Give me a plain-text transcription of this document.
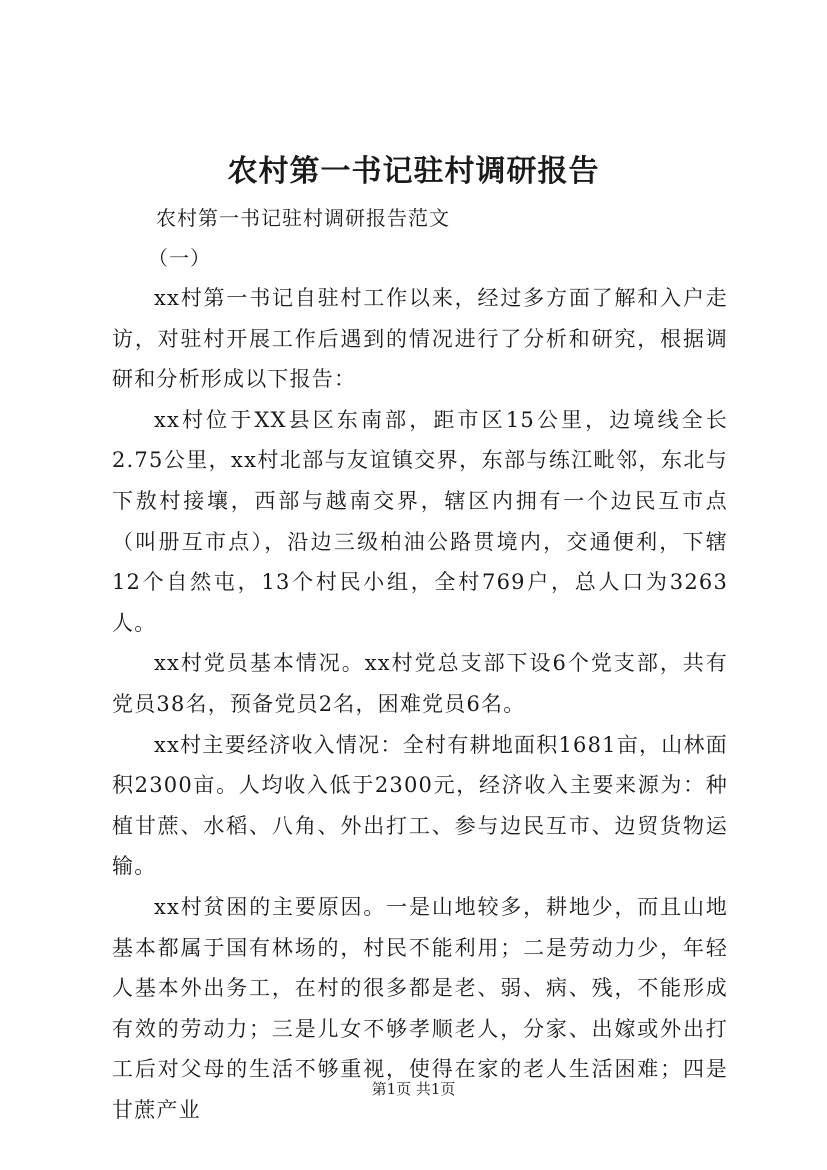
农村第一书记驻村调研报告
农村第一书记驻村调研报告范文
（一）

xx村第一书记自驻村工作以来，经过多方面了解和入户走访，对驻村开展工作后遇到的情况进行了分析和研究，根据调研和分析形成以下报告：

xx村位于XX县区东南部，距市区15公里，边境线全长2.75公里，xx村北部与友谊镇交界，东部与练江毗邻，东北与下敖村接壤，西部与越南交界，辖区内拥有一个边民互市点（叫册互市点），沿边三级柏油公路贯境内，交通便利，下辖12个自然屯，13个村民小组，全村769户，总人口为3263人。

xx村党员基本情况。xx村党总支部下设6个党支部，共有党员38名，预备党员2名，困难党员6名。

xx村主要经济收入情况：全村有耕地面积1681亩，山林面积2300亩。人均收入低于2300元，经济收入主要来源为：种植甘蔗、水稻、八角、外出打工、参与边民互市、边贸货物运输。

xx村贫困的主要原因。一是山地较多，耕地少，而且山地基本都属于国有林场的，村民不能利用；二是劳动力少，年轻人基本外出务工，在村的很多都是老、弱、病、残，不能形成有效的劳动力；三是儿女不够孝顺老人，分家、出嫁或外出打工后对父母的生活不够重视，使得在家的老人生活困难；四是甘蔗产业

第1页 共1页
